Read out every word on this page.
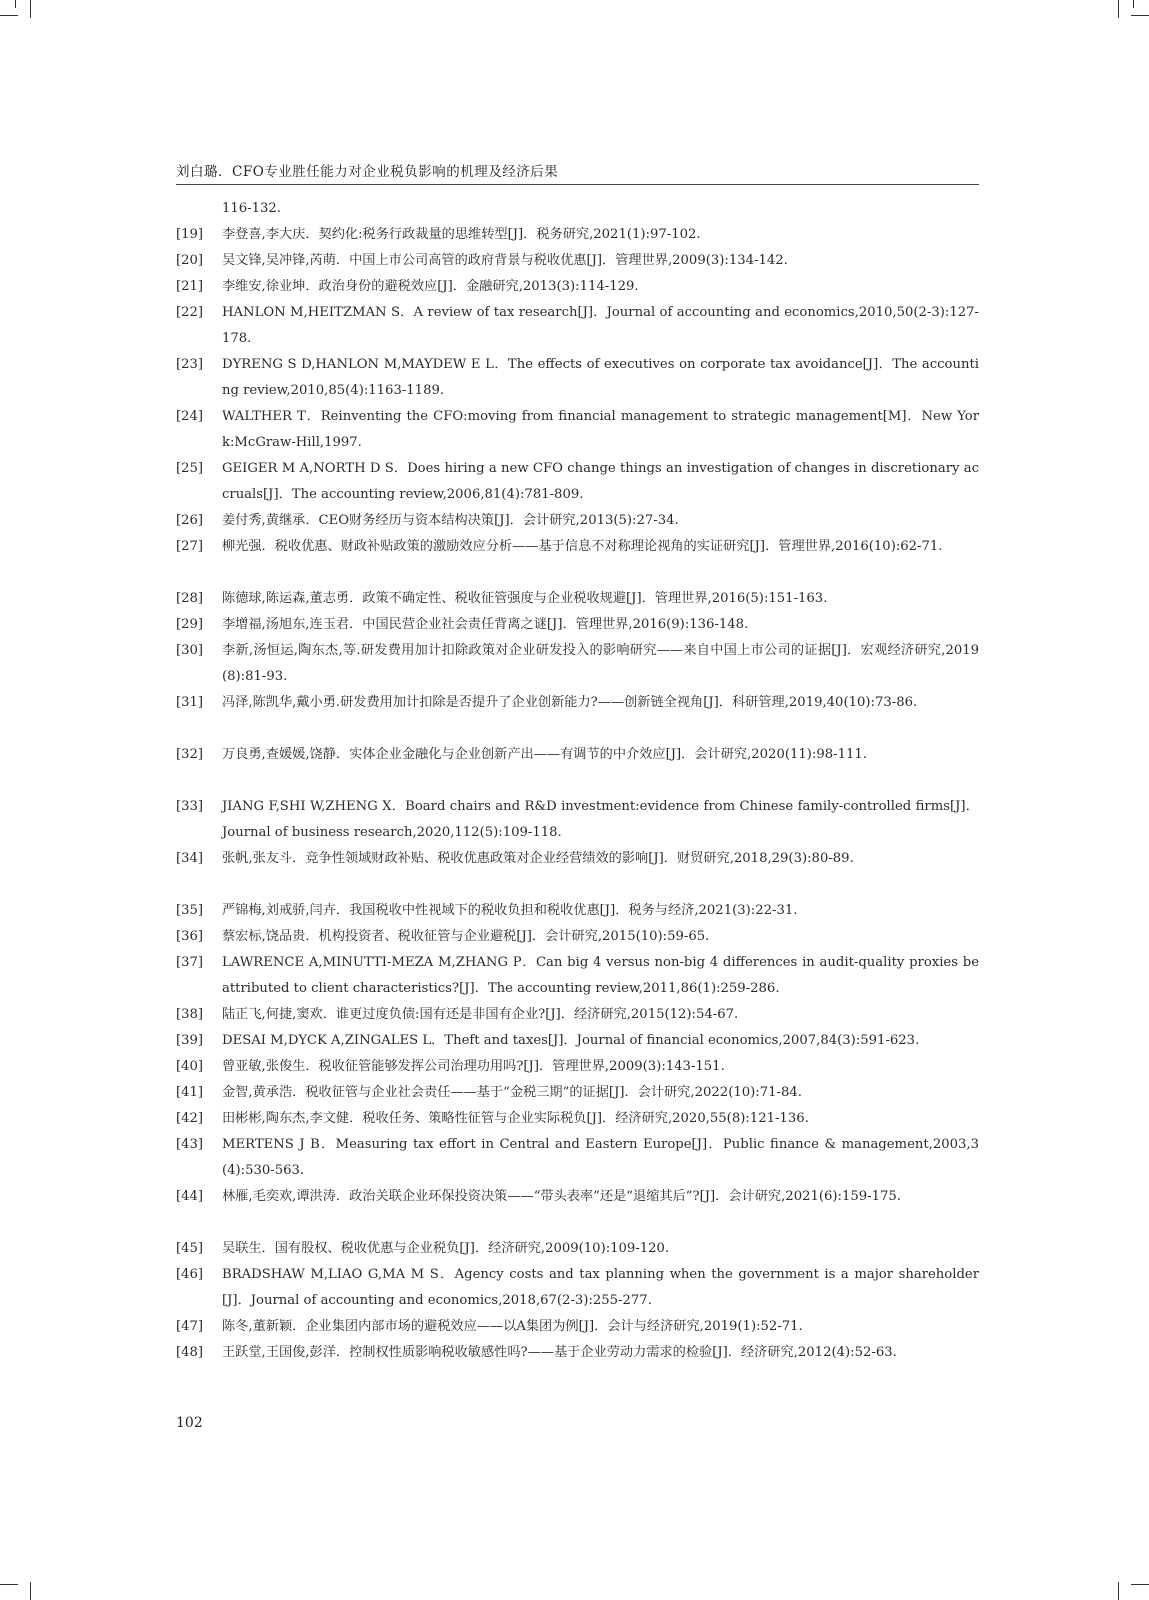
刘白璐．CFO专业胜任能力对企业税负影响的机理及经济后果
116-132.
[19]	李登喜,李大庆．契约化:税务行政裁量的思维转型[J]．税务研究,2021(1):97-102.
[20]	吴文锋,吴冲锋,芮萌．中国上市公司高管的政府背景与税收优惠[J]．管理世界,2009(3):134-142.
[21]	李维安,徐业坤．政治身份的避税效应[J]．金融研究,2013(3):114-129.
[22]	HANLON M,HEITZMAN S．A review of tax research[J]．Journal of accounting and economics,2010,50(2-3):127-178.
[23]	DYRENG S D,HANLON M,MAYDEW E L．The effects of executives on corporate tax avoidance[J]．The accounting review,2010,85(4):1163-1189.
[24]	WALTHER T．Reinventing the CFO:moving from financial management to strategic management[M]．New York:McGraw-Hill,1997.
[25]	GEIGER M A,NORTH D S．Does hiring a new CFO change things an investigation of changes in discretionary accruals[J]．The accounting review,2006,81(4):781-809.
[26]	姜付秀,黄继承．CEO财务经历与资本结构决策[J]．会计研究,2013(5):27-34.
[27]	柳光强．税收优惠、财政补贴政策的激励效应分析——基于信息不对称理论视角的实证研究[J]．管理世界,2016(10):62-71.
[28]	陈德球,陈运森,董志勇．政策不确定性、税收征管强度与企业税收规避[J]．管理世界,2016(5):151-163.
[29]	李增福,汤旭东,连玉君．中国民营企业社会责任背离之谜[J]．管理世界,2016(9):136-148.
[30]	李新,汤恒运,陶东杰,等.研发费用加计扣除政策对企业研发投入的影响研究——来自中国上市公司的证据[J]．宏观经济研究,2019(8):81-93.
[31]	冯泽,陈凯华,戴小勇.研发费用加计扣除是否提升了企业创新能力?——创新链全视角[J]．科研管理,2019,40(10):73-86.
[32]	万良勇,查媛媛,饶静．实体企业金融化与企业创新产出——有调节的中介效应[J]．会计研究,2020(11):98-111.
[33]	JIANG F,SHI W,ZHENG X．Board chairs and R&D investment:evidence from Chinese family-controlled firms[J]．Journal of business research,2020,112(5):109-118.
[34]	张帆,张友斗．竞争性领域财政补贴、税收优惠政策对企业经营绩效的影响[J]．财贸研究,2018,29(3):80-89.
[35]	严锦梅,刘戒骄,闫卉．我国税收中性视域下的税收负担和税收优惠[J]．税务与经济,2021(3):22-31.
[36]	蔡宏标,饶品贵．机构投资者、税收征管与企业避税[J]．会计研究,2015(10):59-65.
[37]	LAWRENCE A,MINUTTI-MEZA M,ZHANG P．Can big 4 versus non-big 4 differences in audit-quality proxies be attributed to client characteristics?[J]．The accounting review,2011,86(1):259-286.
[38]	陆正飞,何捷,窦欢．谁更过度负债:国有还是非国有企业?[J]．经济研究,2015(12):54-67.
[39]	DESAI M,DYCK A,ZINGALES L．Theft and taxes[J]．Journal of financial economics,2007,84(3):591-623.
[40]	曾亚敏,张俊生．税收征管能够发挥公司治理功用吗?[J]．管理世界,2009(3):143-151.
[41]	金智,黄承浩．税收征管与企业社会责任——基于“金税三期”的证据[J]．会计研究,2022(10):71-84.
[42]	田彬彬,陶东杰,李文健．税收任务、策略性征管与企业实际税负[J]．经济研究,2020,55(8):121-136.
[43]	MERTENS J B．Measuring tax effort in Central and Eastern Europe[J]．Public finance & management,2003,3(4):530-563.
[44]	林雁,毛奕欢,谭洪涛．政治关联企业环保投资决策——“带头表率”还是“退缩其后”?[J]．会计研究,2021(6):159-175.
[45]	吴联生．国有股权、税收优惠与企业税负[J]．经济研究,2009(10):109-120.
[46]	BRADSHAW M,LIAO G,MA M S．Agency costs and tax planning when the government is a major shareholder[J]．Journal of accounting and economics,2018,67(2-3):255-277.
[47]	陈冬,董新颖．企业集团内部市场的避税效应——以A集团为例[J]．会计与经济研究,2019(1):52-71.
[48]	王跃堂,王国俊,彭洋．控制权性质影响税收敏感性吗?——基于企业劳动力需求的检验[J]．经济研究,2012(4):52-63.
102
